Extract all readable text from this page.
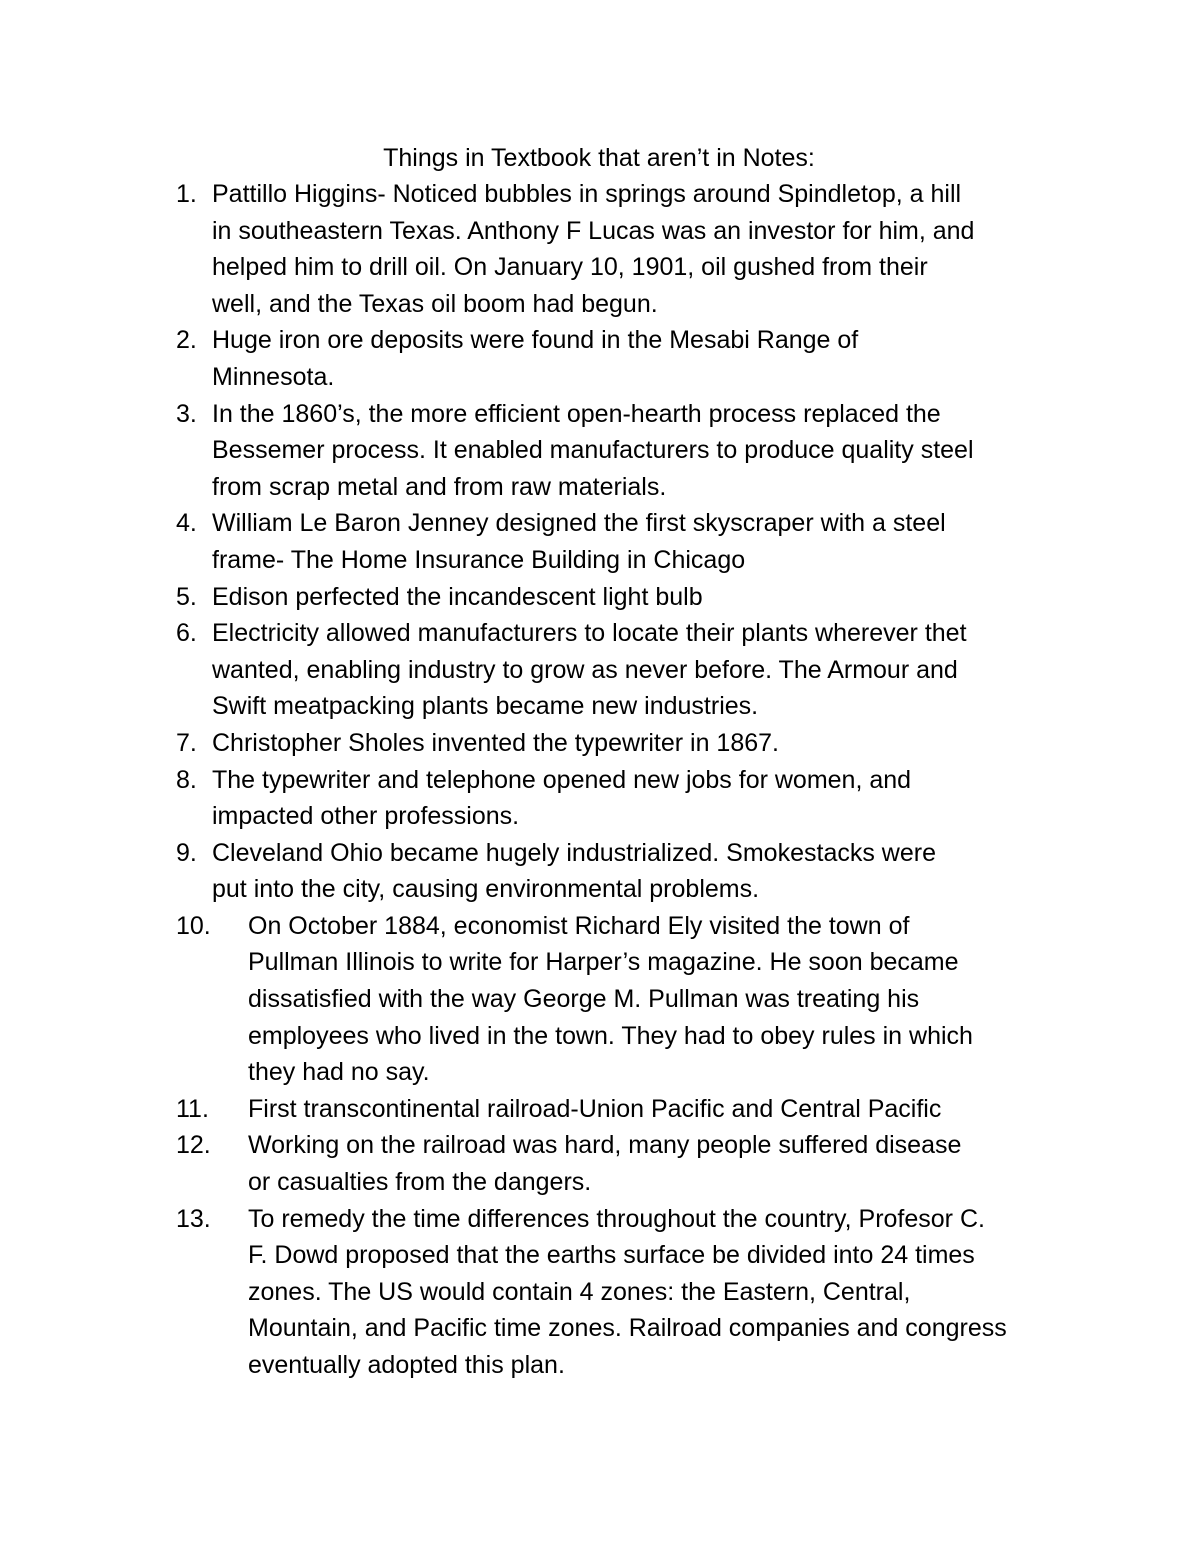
Things in Textbook that aren’t in Notes:
1. Pattillo Higgins- Noticed bubbles in springs around Spindletop, a hill
in southeastern Texas. Anthony F Lucas was an investor for him, and
helped him to drill oil. On January 10, 1901, oil gushed from their
well, and the Texas oil boom had begun.
2. Huge iron ore deposits were found in the Mesabi Range of
Minnesota.
3. In the 1860’s, the more efficient open-hearth process replaced the
Bessemer process. It enabled manufacturers to produce quality steel
from scrap metal and from raw materials.
4. William Le Baron Jenney designed the first skyscraper with a steel
frame- The Home Insurance Building in Chicago
5. Edison perfected the incandescent light bulb
6. Electricity allowed manufacturers to locate their plants wherever thet
wanted, enabling industry to grow as never before. The Armour and
Swift meatpacking plants became new industries.
7. Christopher Sholes invented the typewriter in 1867.
8. The typewriter and telephone opened new jobs for women, and
impacted other professions.
9. Cleveland Ohio became hugely industrialized. Smokestacks were
put into the city, causing environmental problems.
10.	On October 1884, economist Richard Ely visited the town of
Pullman Illinois to write for Harper’s magazine. He soon became
dissatisfied with the way George M. Pullman was treating his
employees who lived in the town. They had to obey rules in which
they had no say.
11.	First transcontinental railroad-Union Pacific and Central Pacific
12.	Working on the railroad was hard, many people suffered disease
or casualties from the dangers.
13.	To remedy the time differences throughout the country, Profesor C.
F. Dowd proposed that the earths surface be divided into 24 times
zones. The US would contain 4 zones: the Eastern, Central,
Mountain, and Pacific time zones. Railroad companies and congress
eventually adopted this plan.
